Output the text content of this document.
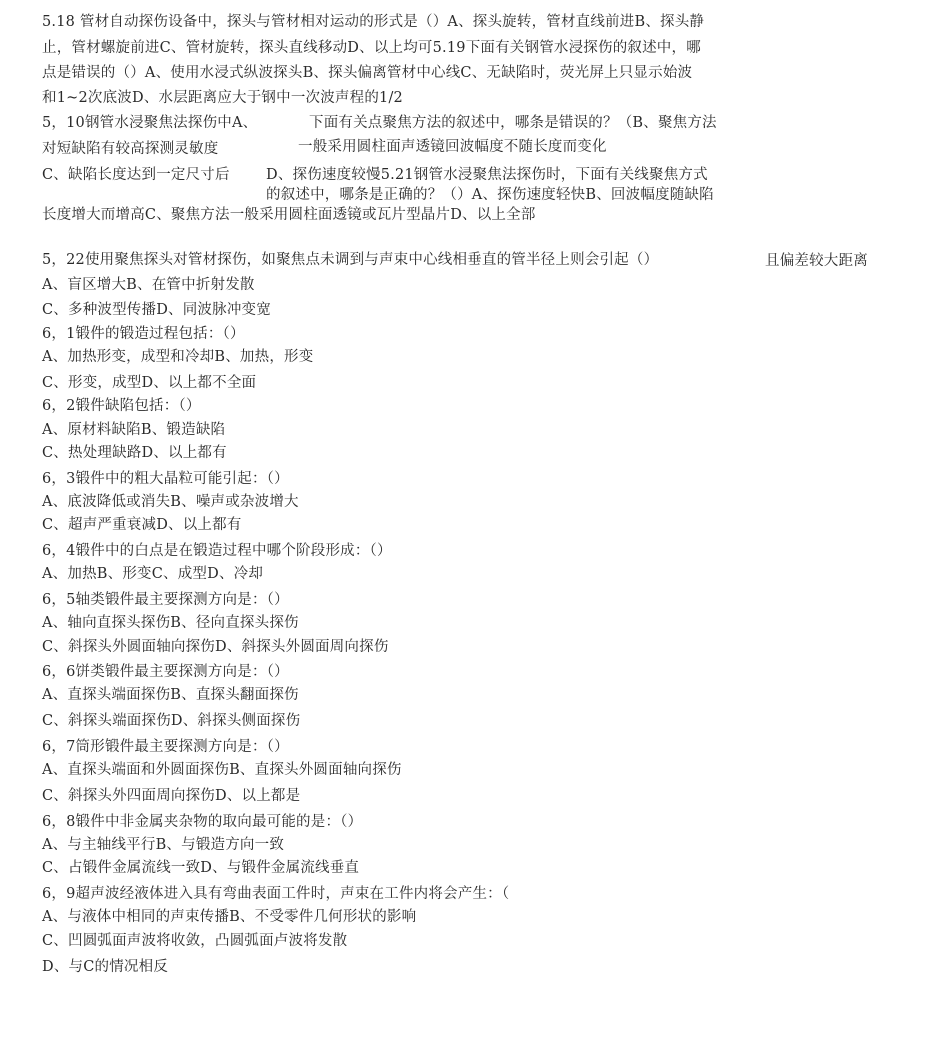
5.18 管材自动探伤设备中，探头与管材相对运动的形式是（）A、探头旋转，管材直线前进B、探头静
止，管材螺旋前进C、管材旋转，探头直线移动D、以上均可5.19下面有关钢管水浸探伤的叙述中，哪
点是错误的（）A、使用水浸式纵波探头B、探头偏离管材中心线C、无缺陷时，荧光屏上只显示始波
和1~2次底波D、水层距离应大于钢中一次波声程的1/2
5，10钢管水浸聚焦法探伤中A、	下面有关点聚焦方法的叙述中，哪条是错误的？（B、聚焦方法
对短缺陷有较高探测灵敏度	一般采用圆柱面声透镜回波幅度不随长度而变化
C、缺陷长度达到一定尺寸后	D、探伤速度较慢5.21钢管水浸聚焦法探伤时，下面有关线聚焦方式
的叙述中，哪条是正确的？（）A、探伤速度轻快B、回波幅度随缺陷
长度增大而增高C、聚焦方法一般采用圆柱面透镜或瓦片型晶片D、以上全部
5，22使用聚焦探头对管材探伤，如聚焦点未调到与声束中心线相垂直的管半径上则会引起（）	且偏差较大距离
A、盲区增大B、在管中折射发散
C、多种波型传播D、同波脉冲变宽
6，1锻件的锻造过程包括：（）
A、加热形变，成型和冷却B、加热，形变
C、形变，成型D、以上都不全面
6，2锻件缺陷包括：（）
A、原材料缺陷B、锻造缺陷
C、热处理缺路D、以上都有
6，3锻件中的粗大晶粒可能引起：（）
A、底波降低或消失B、噪声或杂波增大
C、超声严重衰减D、以上都有
6，4锻件中的白点是在锻造过程中哪个阶段形成：（）
A、加热B、形变C、成型D、冷却
6，5轴类锻件最主要探测方向是：（）
A、轴向直探头探伤B、径向直探头探伤
C、斜探头外圆面轴向探伤D、斜探头外圆面周向探伤
6，6饼类锻件最主要探测方向是：（）
A、直探头端面探伤B、直探头翻面探伤
C、斜探头端面探伤D、斜探头侧面探伤
6，7筒形锻件最主要探测方向是：（）
A、直探头端面和外圆面探伤B、直探头外圆面轴向探伤
C、斜探头外四面周向探伤D、以上都是
6，8锻件中非金属夹杂物的取向最可能的是：（）
A、与主轴线平行B、与锻造方向一致
C、占锻件金属流线一致D、与锻件金属流线垂直
6，9超声波经液体进入具有弯曲表面工件时，声束在工件内将会产生：（
A、与液体中相同的声束传播B、不受零件几何形状的影响
C、凹圆弧面声波将收敛，凸圆弧面卢波将发散
D、与C的情况相反
